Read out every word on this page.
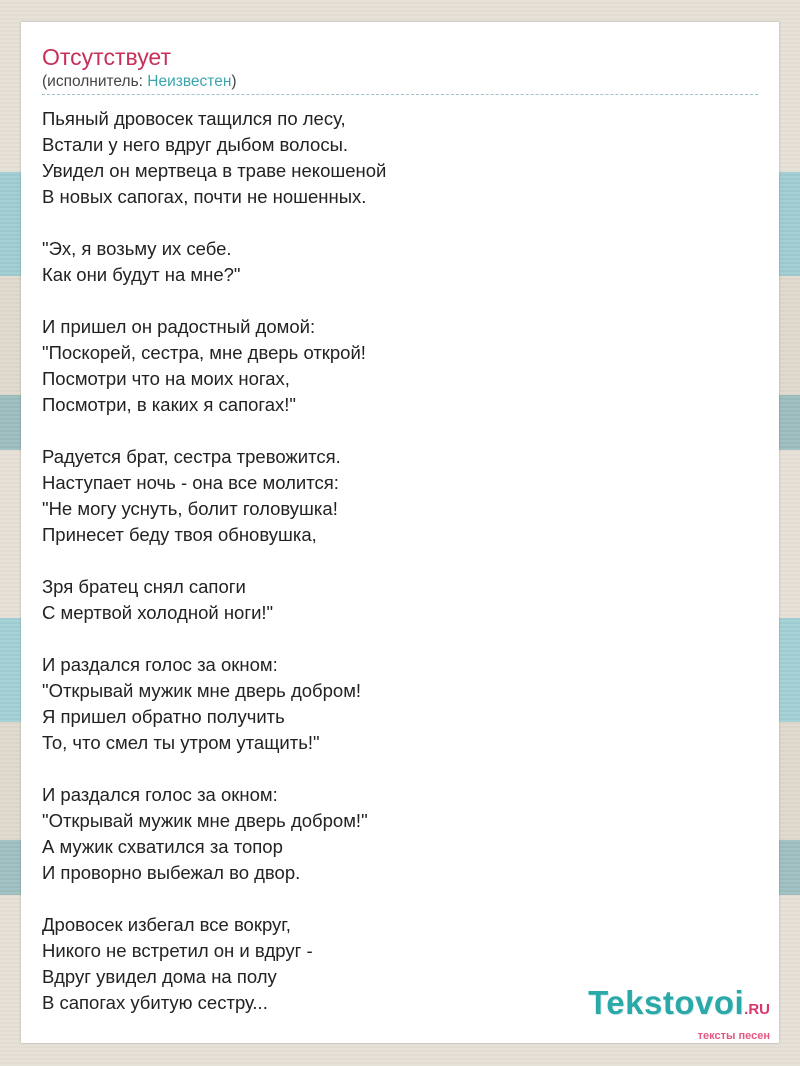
Отсутствует
(исполнитель: Неизвестен)

Пьяный дровосек тащился по лесу,
Встали у него вдруг дыбом волосы.
Увидел он мертвеца в траве некошеной
В новых сапогах, почти не ношенных.

"Эх, я возьму их себе.
Как они будут на мне?"

И пришел он радостный домой:
"Поскорей, сестра, мне дверь открой!
Посмотри что на моих ногах,
Посмотри, в каких я сапогах!"

Радуется брат, сестра тревожится.
Наступает ночь - она все молится:
"Не могу уснуть, болит головушка!
Принесет беду твоя обновушка,

Зря братец снял сапоги
С мертвой холодной ноги!"

И раздался голос за окном:
"Открывай мужик мне дверь добром!
Я пришел обратно получить
То, что смел ты утром утащить!"

И раздался голос за окном:
"Открывай мужик мне дверь добром!"
А мужик схватился за топор
И проворно выбежал во двор.

Дровосек избегал все вокруг,
Никого не встретил он и вдруг -
Вдруг увидел дома на полу
В сапогах убитую сестру...	Tekstovoi.RU
тексты песен
